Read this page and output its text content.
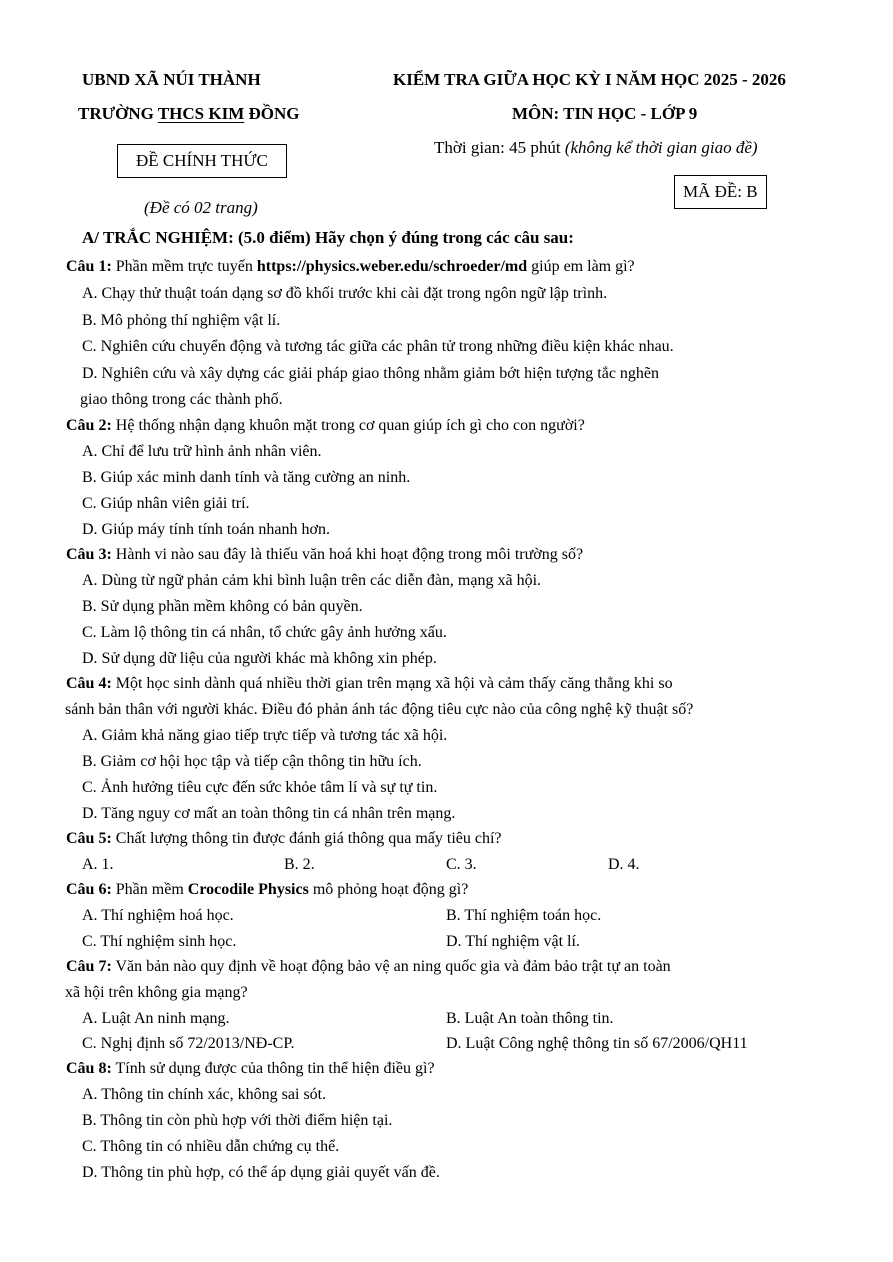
UBND XÃ NÚI THÀNH
TRƯỜNG THCS KIM ĐỒNG
ĐỀ CHÍNH THỨC
(Đề có 02 trang)
KIỂM TRA GIỮA HỌC KỲ I NĂM HỌC 2025 - 2026
MÔN: TIN HỌC - LỚP 9
Thời gian: 45 phút (không kể thời gian giao đề)
MÃ ĐỀ: B
A/ TRẮC NGHIỆM: (5.0 điểm) Hãy chọn ý đúng trong các câu sau:
Câu 1: Phần mềm trực tuyến https://physics.weber.edu/schroeder/md giúp em làm gì?
A. Chạy thử thuật toán dạng sơ đồ khối trước khi cài đặt trong ngôn ngữ lập trình.
B. Mô phỏng thí nghiệm vật lí.
C. Nghiên cứu chuyển động và tương tác giữa các phân tử trong những điều kiện khác nhau.
D. Nghiên cứu và xây dựng các giải pháp giao thông nhằm giảm bớt hiện tượng tắc nghẽn
giao thông trong các thành phố.
Câu 2: Hệ thống nhận dạng khuôn mặt trong cơ quan giúp ích gì cho con người?
A. Chỉ để lưu trữ hình ảnh nhân viên.
B. Giúp xác minh danh tính và tăng cường an ninh.
C. Giúp nhân viên giải trí.
D. Giúp máy tính tính toán nhanh hơn.
Câu 3: Hành vi nào sau đây là thiếu văn hoá khi hoạt động trong môi trường số?
A. Dùng từ ngữ phản cảm khi bình luận trên các diễn đàn, mạng xã hội.
B. Sử dụng phần mềm không có bản quyền.
C. Làm lộ thông tin cá nhân, tổ chức gây ảnh hưởng xấu.
D. Sử dụng dữ liệu của người khác mà không xin phép.
Câu 4: Một học sinh dành quá nhiều thời gian trên mạng xã hội và cảm thấy căng thẳng khi so
sánh bản thân với người khác. Điều đó phản ánh tác động tiêu cực nào của công nghệ kỹ thuật số?
A. Giảm khả năng giao tiếp trực tiếp và tương tác xã hội.
B. Giảm cơ hội học tập và tiếp cận thông tin hữu ích.
C. Ảnh hưởng tiêu cực đến sức khỏe tâm lí và sự tự tin.
D. Tăng nguy cơ mất an toàn thông tin cá nhân trên mạng.
Câu 5: Chất lượng thông tin được đánh giá thông qua mấy tiêu chí?
A. 1.	B. 2.	C. 3.	D. 4.
Câu 6: Phần mềm Crocodile Physics mô phỏng hoạt động gì?
A. Thí nghiệm hoá học.	B. Thí nghiệm toán học.
C. Thí nghiệm sinh học.	D. Thí nghiệm vật lí.
Câu 7: Văn bản nào quy định về hoạt động bảo vệ an ning quốc gia và đảm bảo trật tự an toàn
xã hội trên không gia mạng?
A. Luật An ninh mạng.	B. Luật An toàn thông tin.
C. Nghị định số 72/2013/NĐ-CP.	D. Luật Công nghệ thông tin số 67/2006/QH11
Câu 8: Tính sử dụng được của thông tin thể hiện điều gì?
A. Thông tin chính xác, không sai sót.
B. Thông tin còn phù hợp với thời điểm hiện tại.
C. Thông tin có nhiều dẫn chứng cụ thể.
D. Thông tin phù hợp, có thể áp dụng giải quyết vấn đề.
